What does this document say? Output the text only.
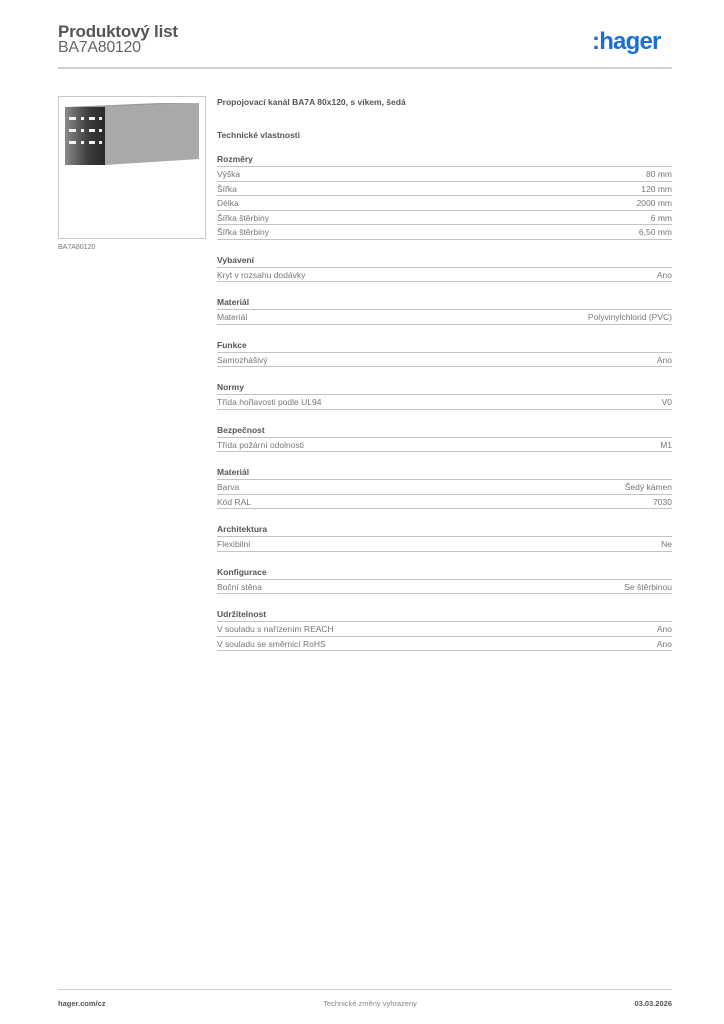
Produktový list
BA7A80120	:hager
BA7A80120
Propojovací kanál BA7A 80x120, s víkem, šedá
Technické vlastnosti
Rozměry
Výška	80 mm
Šířka	120 mm
Délka	2000 mm
Šířka štěrbiny	6 mm
Šířka štěrbiny	6,50 mm
Vybavení
Kryt v rozsahu dodávky	Ano
Materiál
Materiál	Polyvinylchlorid (PVC)
Funkce
Samozhášivý	Ano
Normy
Třída hořlavosti podle UL94	V0
Bezpečnost
Třída požární odolnosti	M1
Materiál
Barva	Šedý kámen
Kód RAL	7030
Architektura
Flexibilní	Ne
Konfigurace
Boční stěna	Se štěrbinou
Udržitelnost
V souladu s nařízením REACH	Ano
V souladu se směrnicí RoHS	Ano
hager.com/cz	Technické změny vyhrazeny	03.03.2026
